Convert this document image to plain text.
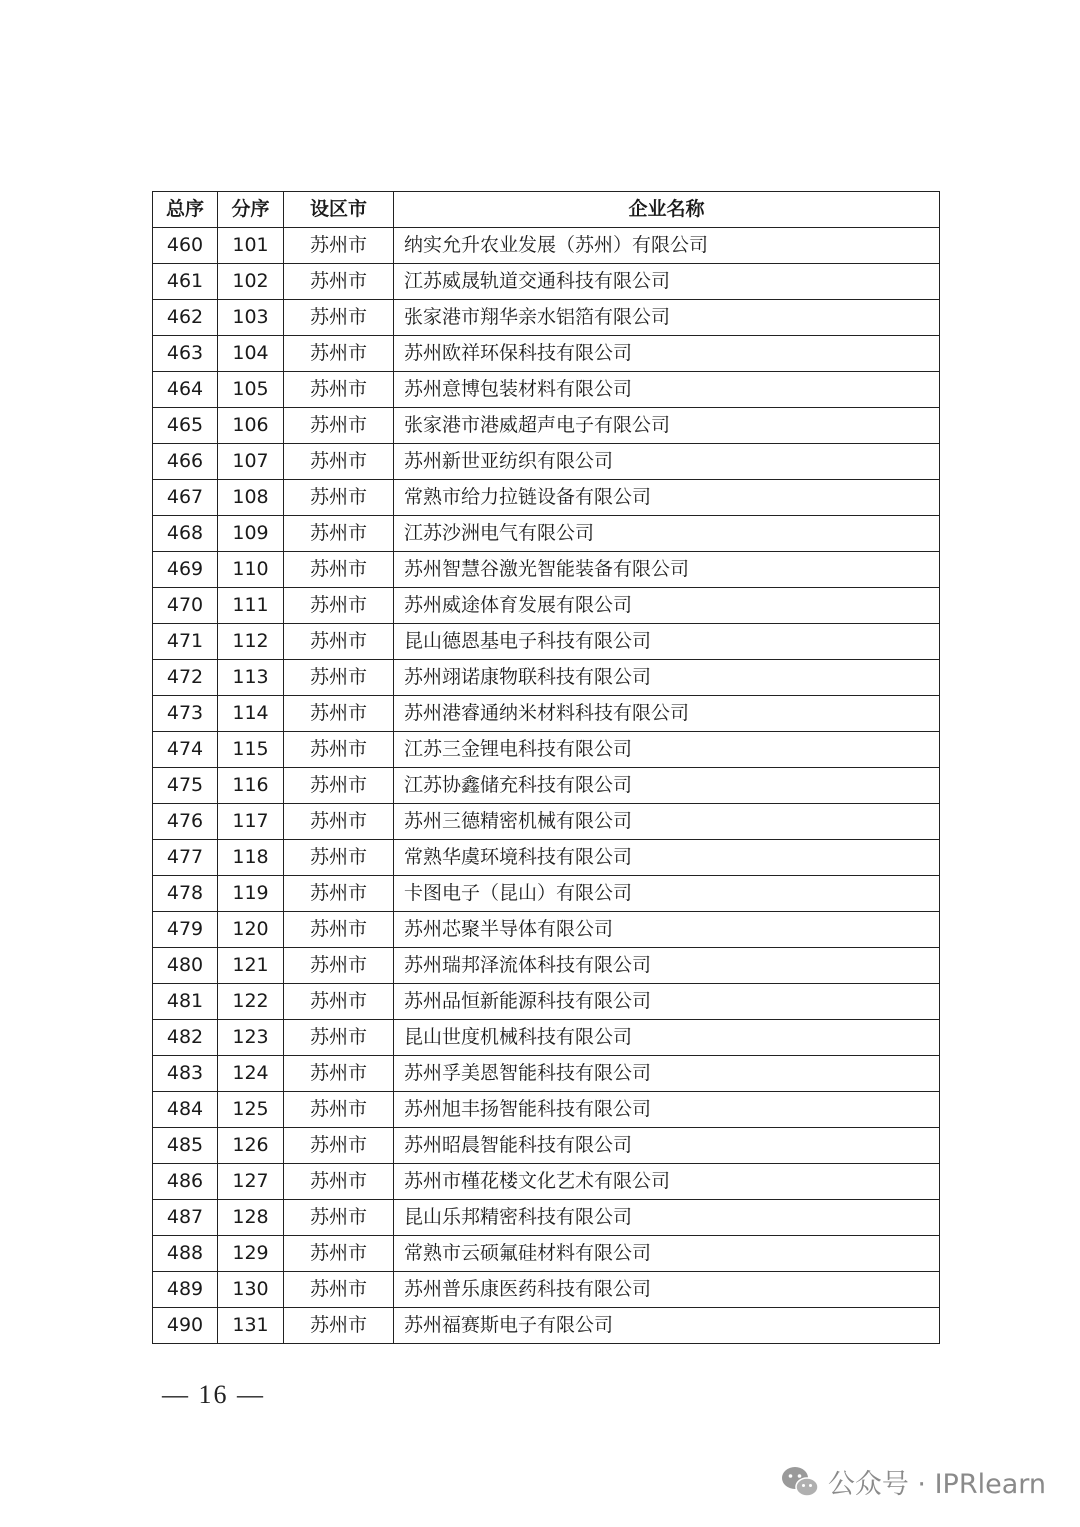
总序	分序	设区市	企业名称
460	101	苏州市	纳实允升农业发展（苏州）有限公司
461	102	苏州市	江苏威晟轨道交通科技有限公司
462	103	苏州市	张家港市翔华亲水铝箔有限公司
463	104	苏州市	苏州欧祥环保科技有限公司
464	105	苏州市	苏州意博包装材料有限公司
465	106	苏州市	张家港市港威超声电子有限公司
466	107	苏州市	苏州新世亚纺织有限公司
467	108	苏州市	常熟市给力拉链设备有限公司
468	109	苏州市	江苏沙洲电气有限公司
469	110	苏州市	苏州智慧谷激光智能装备有限公司
470	111	苏州市	苏州威途体育发展有限公司
471	112	苏州市	昆山德恩基电子科技有限公司
472	113	苏州市	苏州翊诺康物联科技有限公司
473	114	苏州市	苏州港睿通纳米材料科技有限公司
474	115	苏州市	江苏三金锂电科技有限公司
475	116	苏州市	江苏协鑫储充科技有限公司
476	117	苏州市	苏州三德精密机械有限公司
477	118	苏州市	常熟华虞环境科技有限公司
478	119	苏州市	卡图电子（昆山）有限公司
479	120	苏州市	苏州芯聚半导体有限公司
480	121	苏州市	苏州瑞邦泽流体科技有限公司
481	122	苏州市	苏州品恒新能源科技有限公司
482	123	苏州市	昆山世度机械科技有限公司
483	124	苏州市	苏州孚美恩智能科技有限公司
484	125	苏州市	苏州旭丰扬智能科技有限公司
485	126	苏州市	苏州昭晨智能科技有限公司
486	127	苏州市	苏州市槿花楼文化艺术有限公司
487	128	苏州市	昆山乐邦精密科技有限公司
488	129	苏州市	常熟市云硕氟硅材料有限公司
489	130	苏州市	苏州普乐康医药科技有限公司
490	131	苏州市	苏州福赛斯电子有限公司
— 16 —
公众号 · IPRlearn
